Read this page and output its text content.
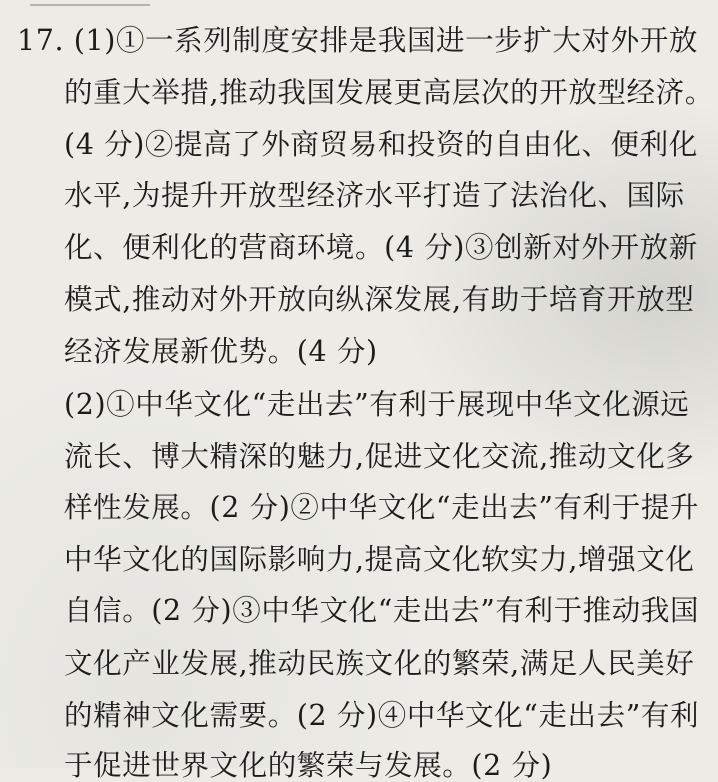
17. (1)①一系列制度安排是我国进一步扩大对外开放
的重大举措,推动我国发展更高层次的开放型经济。
(4 分)②提高了外商贸易和投资的自由化、便利化
水平,为提升开放型经济水平打造了法治化、国际
化、便利化的营商环境。(4 分)③创新对外开放新
模式,推动对外开放向纵深发展,有助于培育开放型
经济发展新优势。(4 分)
(2)①中华文化“走出去”有利于展现中华文化源远
流长、博大精深的魅力,促进文化交流,推动文化多
样性发展。(2 分)②中华文化“走出去”有利于提升
中华文化的国际影响力,提高文化软实力,增强文化
自信。(2 分)③中华文化“走出去”有利于推动我国
文化产业发展,推动民族文化的繁荣,满足人民美好
的精神文化需要。(2 分)④中华文化“走出去”有利
于促进世界文化的繁荣与发展。(2 分)
